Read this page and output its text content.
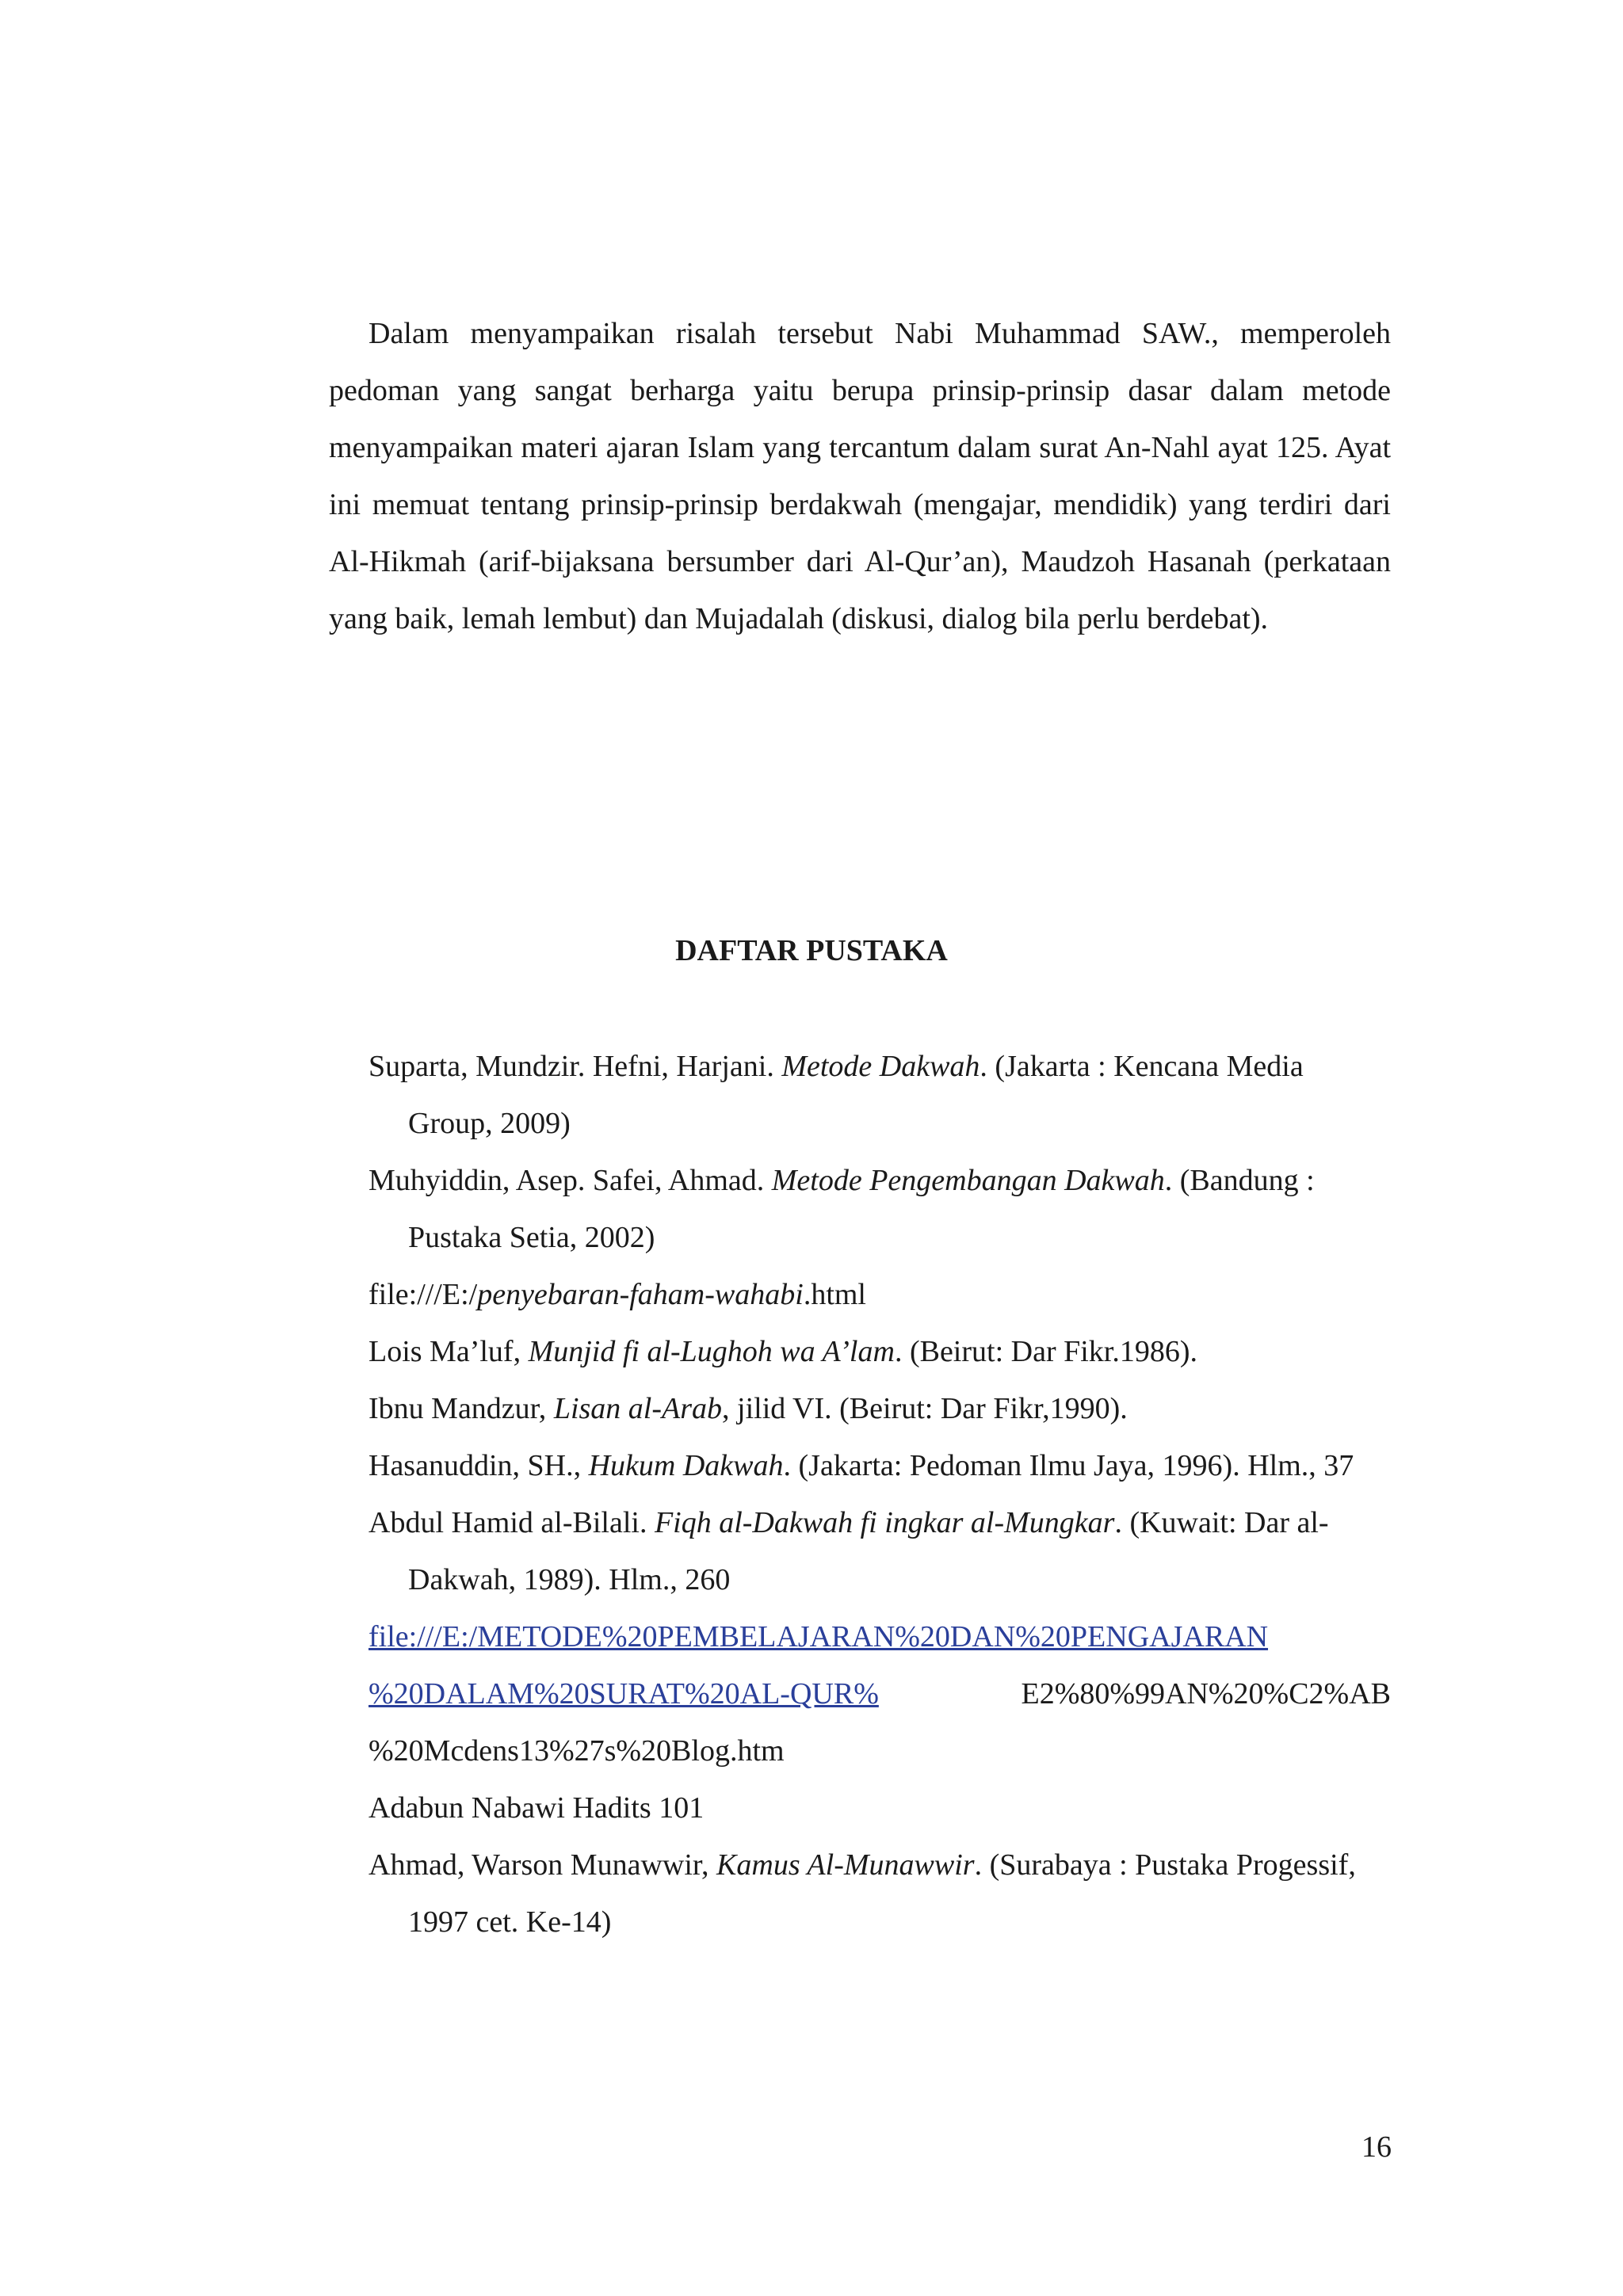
Dalam menyampaikan risalah tersebut Nabi Muhammad SAW., memperoleh pedoman yang sangat berharga yaitu berupa prinsip-prinsip dasar dalam metode menyampaikan materi ajaran Islam yang tercantum dalam surat An-Nahl ayat 125. Ayat ini memuat tentang prinsip-prinsip berdakwah (mengajar, mendidik) yang terdiri dari Al-Hikmah (arif-bijaksana bersumber dari Al-Qur’an), Maudzoh Hasanah (perkataan yang baik, lemah lembut) dan Mujadalah (diskusi, dialog bila perlu berdebat).

DAFTAR PUSTAKA
Suparta, Mundzir. Hefni, Harjani. Metode Dakwah. (Jakarta : Kencana Media Group, 2009)
Muhyiddin, Asep. Safei, Ahmad. Metode Pengembangan Dakwah. (Bandung : Pustaka Setia, 2002)
file:///E:/penyebaran-faham-wahabi.html
Lois Ma’luf, Munjid fi al-Lughoh wa A’lam. (Beirut: Dar Fikr.1986).
Ibnu Mandzur, Lisan al-Arab, jilid VI. (Beirut: Dar Fikr,1990).
Hasanuddin, SH., Hukum Dakwah. (Jakarta: Pedoman Ilmu Jaya, 1996). Hlm., 37
Abdul Hamid al-Bilali. Fiqh al-Dakwah fi ingkar al-Mungkar. (Kuwait: Dar al-Dakwah, 1989). Hlm., 260
file:///E:/METODE%20PEMBELAJARAN%20DAN%20PENGAJARAN
%20DALAM%20SURAT%20AL-QUR%	E2%80%99AN%20%C2%AB
%20Mcdens13%27s%20Blog.htm
Adabun Nabawi Hadits 101
Ahmad, Warson Munawwir, Kamus Al-Munawwir. (Surabaya : Pustaka Progessif, 1997 cet. Ke-14)

16
